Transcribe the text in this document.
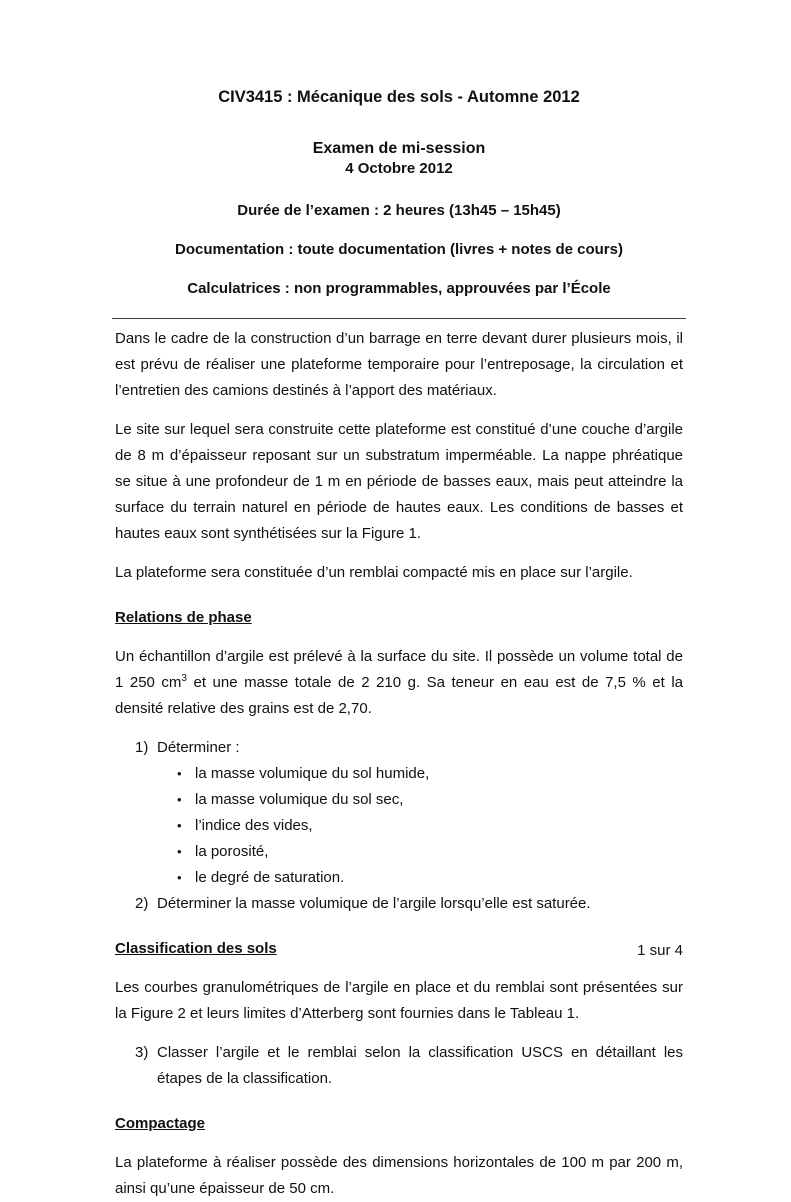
CIV3415 : Mécanique des sols - Automne 2012
Examen de mi-session
4 Octobre 2012
Durée de l’examen : 2 heures (13h45 – 15h45)
Documentation : toute documentation (livres + notes de cours)
Calculatrices : non programmables, approuvées par l’École

Dans le cadre de la construction d’un barrage en terre devant durer plusieurs mois, il est prévu de réaliser une plateforme temporaire pour l’entreposage, la circulation et l’entretien des camions destinés à l’apport des matériaux.

Le site sur lequel sera construite cette plateforme est constitué d’une couche d’argile de 8 m d’épaisseur reposant sur un substratum imperméable. La nappe phréatique se situe à une profondeur de 1 m en période de basses eaux, mais peut atteindre la surface du terrain naturel en période de hautes eaux. Les conditions de basses et hautes eaux sont synthétisées sur la Figure 1.

La plateforme sera constituée d’un remblai compacté mis en place sur l’argile.

Relations de phase

Un échantillon d’argile est prélevé à la surface du site. Il possède un volume total de 1 250 $cm^3$ et une masse totale de 2 210 g. Sa teneur en eau est de 7,5 % et la densité relative des grains est de 2,70.

1) Déterminer :
• la masse volumique du sol humide,
• la masse volumique du sol sec,
• l’indice des vides,
• la porosité,
• le degré de saturation.
2) Déterminer la masse volumique de l’argile lorsqu’elle est saturée.
Classification des sols

Les courbes granulométriques de l’argile en place et du remblai sont présentées sur la Figure 2 et leurs limites d’Atterberg sont fournies dans le Tableau 1.

3) Classer l’argile et le remblai selon la classification USCS en détaillant les étapes de la classification.
Compactage

La plateforme à réaliser possède des dimensions horizontales de 100 m par 200 m, ainsi qu’une épaisseur de 50 cm.

1 sur 4
